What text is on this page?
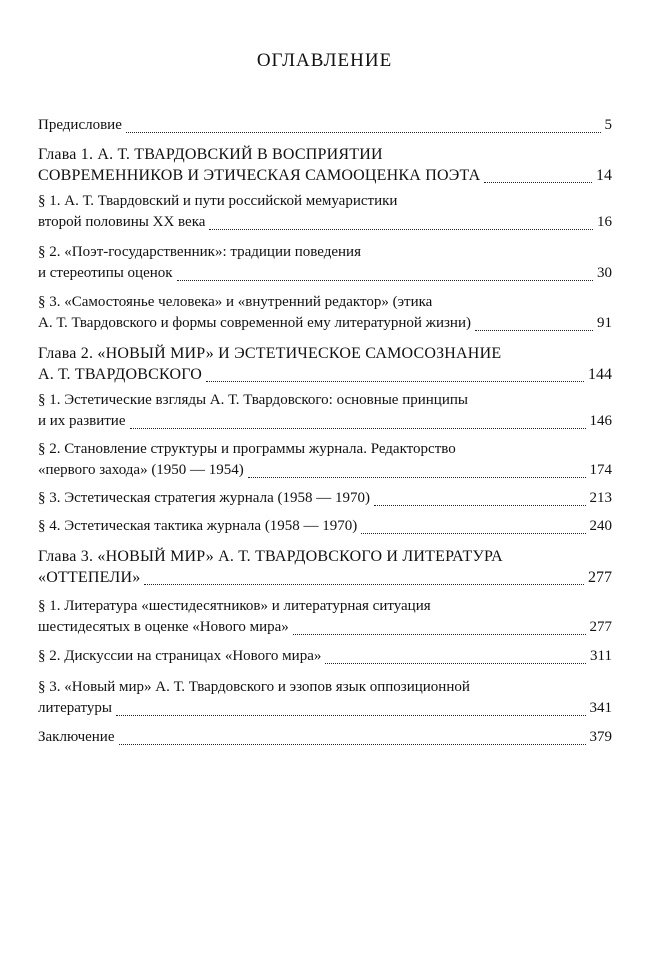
ОГЛАВЛЕНИЕ
Предисловие	5
Глава 1. А. Т. ТВАРДОВСКИЙ В ВОСПРИЯТИИ
СОВРЕМЕННИКОВ И ЭТИЧЕСКАЯ САМООЦЕНКА ПОЭТА	14
§ 1. А. Т. Твардовский и пути российской мемуаристики
второй половины XX века	16
§ 2. «Поэт-государственник»: традиции поведения
и стереотипы оценок	30
§ 3. «Самостоянье человека» и «внутренний редактор» (этика
А. Т. Твардовского и формы современной ему литературной жизни)	91
Глава 2. «НОВЫЙ МИР» И ЭСТЕТИЧЕСКОЕ САМОСОЗНАНИЕ
А. Т. ТВАРДОВСКОГО	144
§ 1. Эстетические взгляды А. Т. Твардовского: основные принципы
и их развитие	146
§ 2. Становление структуры и программы журнала. Редакторство
«первого захода» (1950 — 1954)	174
§ 3. Эстетическая стратегия журнала (1958 — 1970)	213
§ 4. Эстетическая тактика журнала (1958 — 1970)	240
Глава 3. «НОВЫЙ МИР» А. Т. ТВАРДОВСКОГО И ЛИТЕРАТУРА
«ОТТЕПЕЛИ»	277
§ 1. Литература «шестидесятников» и литературная ситуация
шестидесятых в оценке «Нового мира»	277
§ 2. Дискуссии на страницах «Нового мира»	311
§ 3. «Новый мир» А. Т. Твардовского и эзопов язык оппозиционной
литературы	341
Заключение	379
